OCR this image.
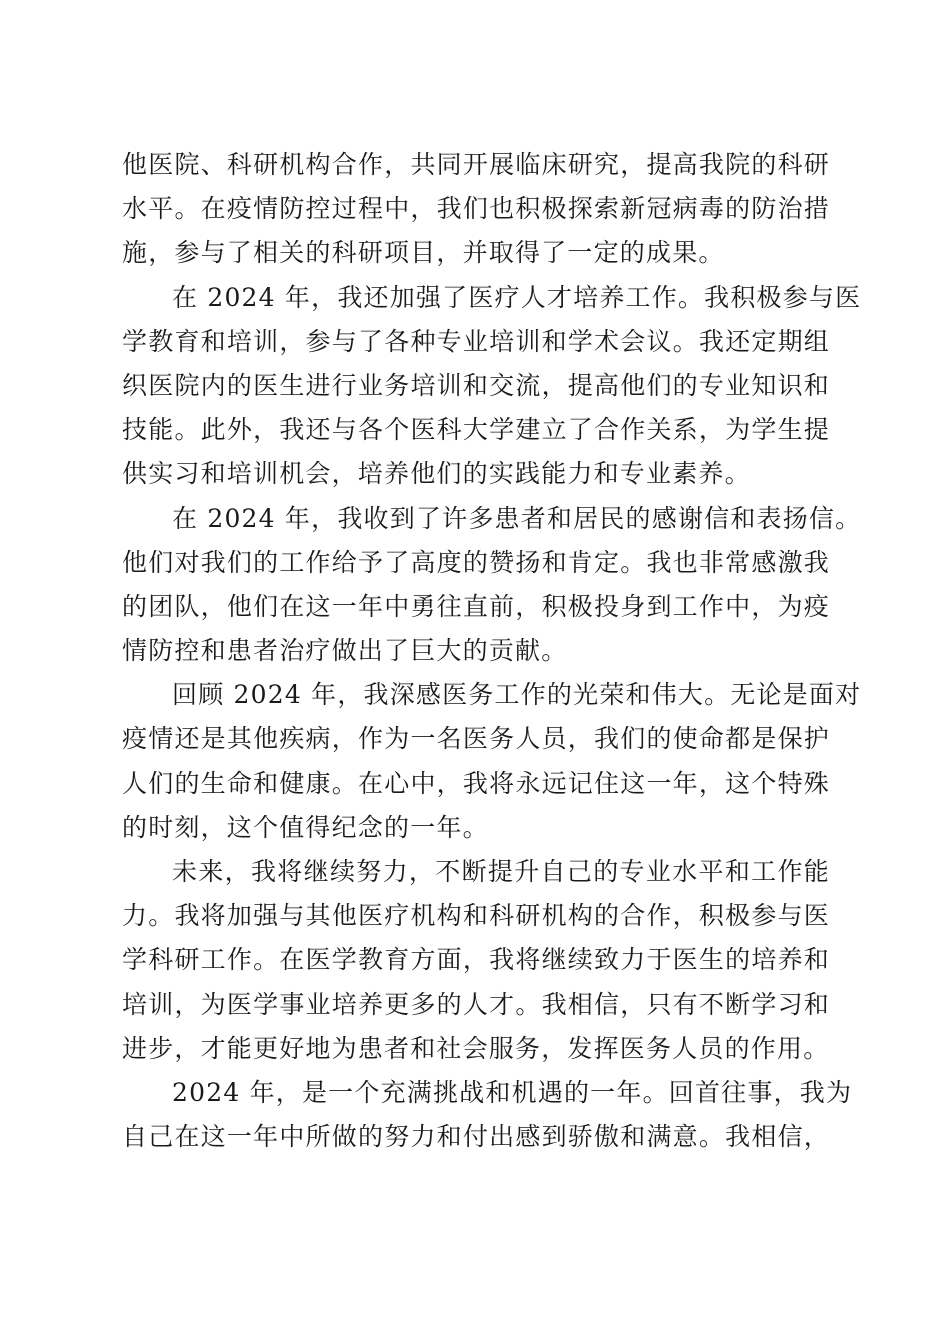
他医院、科研机构合作，共同开展临床研究，提高我院的科研
水平。在疫情防控过程中，我们也积极探索新冠病毒的防治措
施，参与了相关的科研项目，并取得了一定的成果。
在 2024 年，我还加强了医疗人才培养工作。我积极参与医
学教育和培训，参与了各种专业培训和学术会议。我还定期组
织医院内的医生进行业务培训和交流，提高他们的专业知识和
技能。此外，我还与各个医科大学建立了合作关系，为学生提
供实习和培训机会，培养他们的实践能力和专业素养。
在 2024 年，我收到了许多患者和居民的感谢信和表扬信。
他们对我们的工作给予了高度的赞扬和肯定。我也非常感激我
的团队，他们在这一年中勇往直前，积极投身到工作中，为疫
情防控和患者治疗做出了巨大的贡献。
回顾 2024 年，我深感医务工作的光荣和伟大。无论是面对
疫情还是其他疾病，作为一名医务人员，我们的使命都是保护
人们的生命和健康。在心中，我将永远记住这一年，这个特殊
的时刻，这个值得纪念的一年。
未来，我将继续努力，不断提升自己的专业水平和工作能
力。我将加强与其他医疗机构和科研机构的合作，积极参与医
学科研工作。在医学教育方面，我将继续致力于医生的培养和
培训，为医学事业培养更多的人才。我相信，只有不断学习和
进步，才能更好地为患者和社会服务，发挥医务人员的作用。
2024 年，是一个充满挑战和机遇的一年。回首往事，我为
自己在这一年中所做的努力和付出感到骄傲和满意。我相信，
